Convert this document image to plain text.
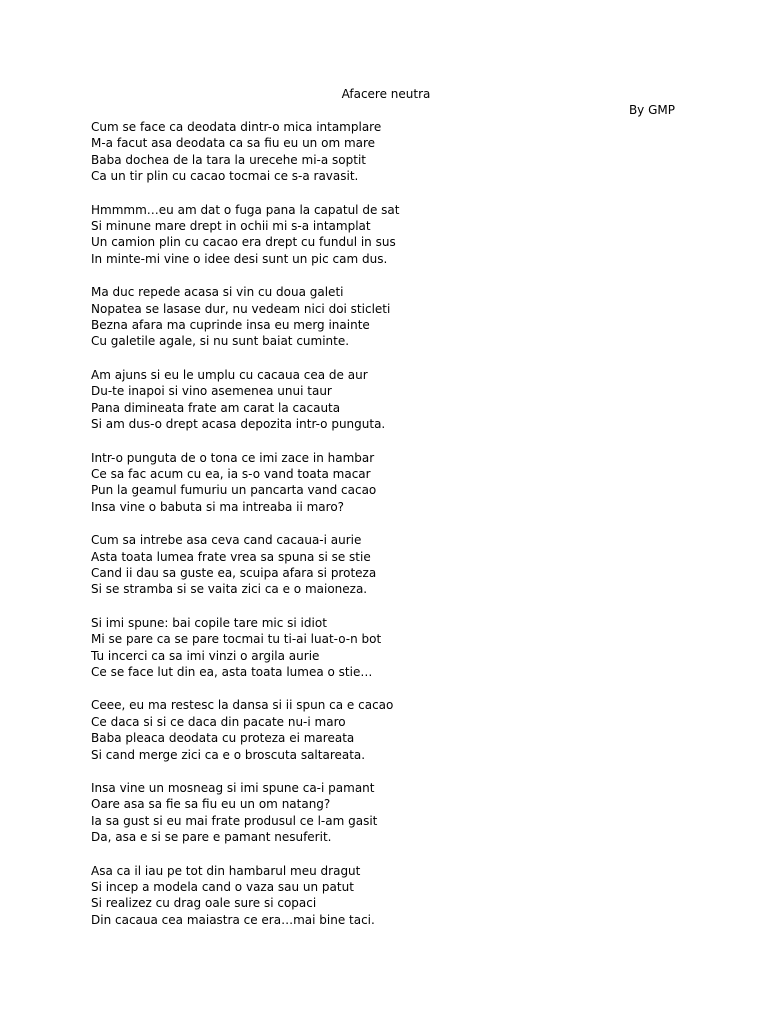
Afacere neutra
By GMP
Cum se face ca deodata dintr-o mica intamplare
M-a facut asa deodata ca sa fiu eu un om mare
Baba dochea de la tara la urecehe mi-a soptit
Ca un tir plin cu cacao tocmai ce s-a ravasit.
Hmmmm…eu am dat o fuga pana la capatul de sat
Si minune mare drept in ochii mi s-a intamplat
Un camion plin cu cacao era drept cu fundul in sus
In minte-mi vine o idee desi sunt un pic cam dus.
Ma duc repede acasa si vin cu doua galeti
Nopatea se lasase dur, nu vedeam nici doi sticleti
Bezna afara ma cuprinde insa eu merg inainte
Cu galetile agale, si nu sunt baiat cuminte.
Am ajuns si eu le umplu cu cacaua cea de aur
Du-te inapoi si vino asemenea unui taur
Pana dimineata frate am carat la cacauta
Si am dus-o drept acasa depozita intr-o punguta.
Intr-o punguta de o tona ce imi zace in hambar
Ce sa fac acum cu ea, ia s-o vand toata macar
Pun la geamul fumuriu un pancarta vand cacao
Insa vine o babuta si ma intreaba ii maro?
Cum sa intrebe asa ceva cand cacaua-i aurie
Asta toata lumea frate vrea sa spuna si se stie
Cand ii dau sa guste ea, scuipa afara si proteza
Si se stramba si se vaita zici ca e o maioneza.
Si imi spune: bai copile tare mic si idiot
Mi se pare ca se pare tocmai tu ti-ai luat-o-n bot
Tu incerci ca sa imi vinzi o argila aurie
Ce se face lut din ea, asta toata lumea o stie…
Ceee, eu ma restesc la dansa si ii spun ca e cacao
Ce daca si si ce daca din pacate nu-i maro
Baba pleaca deodata cu proteza ei mareata
Si cand merge zici ca e o broscuta saltareata.
Insa vine un mosneag si imi spune ca-i pamant
Oare asa sa fie sa fiu eu un om natang?
Ia sa gust si eu mai frate produsul ce l-am gasit
Da, asa e si se pare e pamant nesuferit.
Asa ca il iau pe tot din hambarul meu dragut
Si incep a modela cand o vaza sau un patut
Si realizez cu drag oale sure si copaci
Din cacaua cea maiastra ce era…mai bine taci.
